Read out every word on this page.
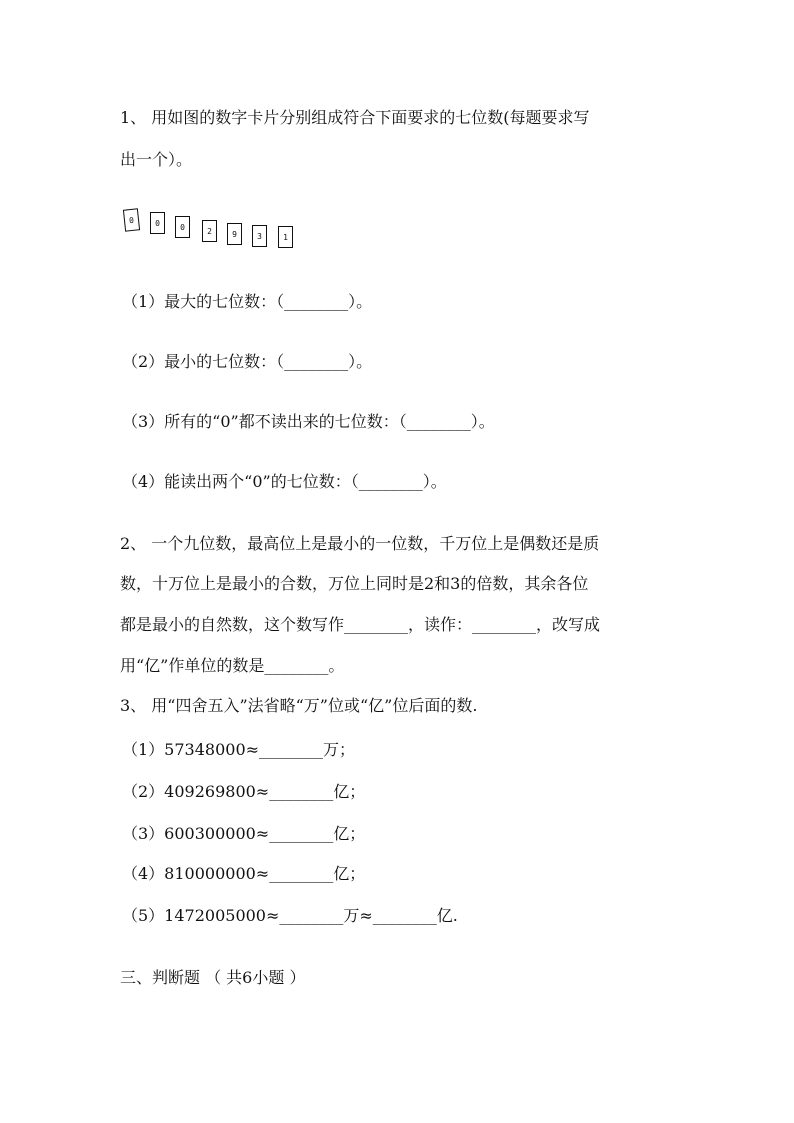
1、 用如图的数字卡片分别组成符合下面要求的七位数(每题要求写
出一个）。
0	0	0	2	9	3	1
（1）最大的七位数：（________）。
（2）最小的七位数：（________）。
（3）所有的“0”都不读出来的七位数：（________）。
（4）能读出两个“0”的七位数：（________）。
2、 一个九位数，最高位上是最小的一位数，千万位上是偶数还是质
数，十万位上是最小的合数，万位上同时是2和3的倍数，其余各位
都是最小的自然数，这个数写作________，读作：________，改写成
用“亿”作单位的数是________。
3、 用“四舍五入”法省略“万”位或“亿”位后面的数.
（1）57348000≈________万；
（2）409269800≈________亿；
（3）600300000≈________亿；
（4）810000000≈________亿；
（5）1472005000≈________万≈________亿.
三、判断题 （ 共6小题 ）
